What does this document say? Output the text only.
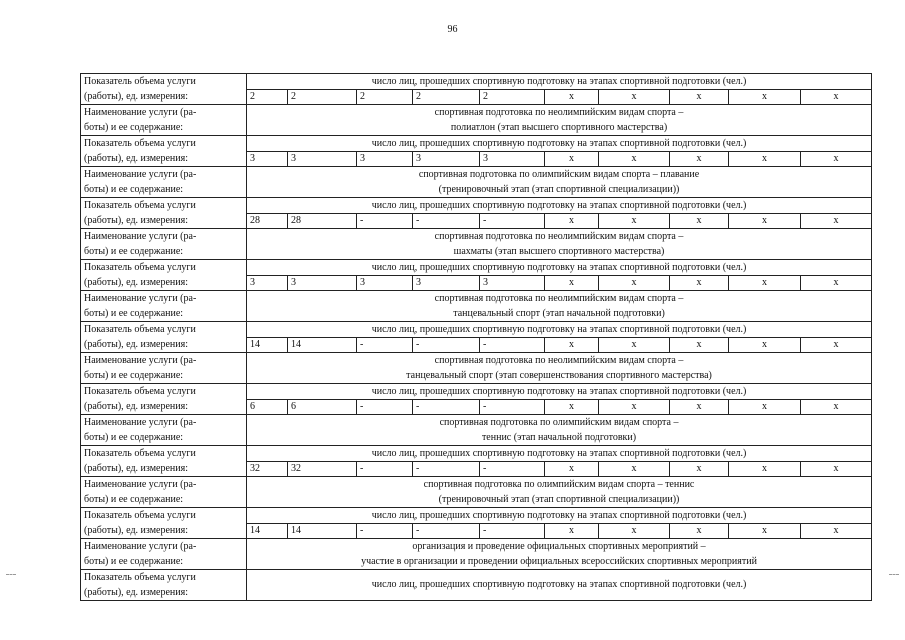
96
Показатель объема услуги
(работы), ед. измерения:	число лиц, прошедших спортивную подготовку на этапах спортивной подготовки (чел.)									
	2	2	2	2	2	x	x	x	x	x

Наименование услуги (ра-
боты) и ее содержание:	спортивная подготовка по неолимпийским видам спорта –
полиатлон (этап высшего спортивного мастерства)									

Показатель объема услуги
(работы), ед. измерения:	число лиц, прошедших спортивную подготовку на этапах спортивной подготовки (чел.)									
	3	3	3	3	3	x	x	x	x	x

Наименование услуги (ра-
боты) и ее содержание:	спортивная подготовка по олимпийским видам спорта – плавание
(тренировочный этап (этап спортивной специализации))									

Показатель объема услуги
(работы), ед. измерения:	число лиц, прошедших спортивную подготовку на этапах спортивной подготовки (чел.)									
	28	28	-	-	-	x	x	x	x	x

Наименование услуги (ра-
боты) и ее содержание:	спортивная подготовка по неолимпийским видам спорта –
шахматы (этап высшего спортивного мастерства)									

Показатель объема услуги
(работы), ед. измерения:	число лиц, прошедших спортивную подготовку на этапах спортивной подготовки (чел.)									
	3	3	3	3	3	x	x	x	x	x

Наименование услуги (ра-
боты) и ее содержание:	спортивная подготовка по неолимпийским видам спорта –
танцевальный спорт (этап начальной подготовки)									

Показатель объема услуги
(работы), ед. измерения:	число лиц, прошедших спортивную подготовку на этапах спортивной подготовки (чел.)									
	14	14	-	-	-	x	x	x	x	x

Наименование услуги (ра-
боты) и ее содержание:	спортивная подготовка по неолимпийским видам спорта –
танцевальный спорт (этап совершенствования спортивного мастерства)									

Показатель объема услуги
(работы), ед. измерения:	число лиц, прошедших спортивную подготовку на этапах спортивной подготовки (чел.)									
	6	6	-	-	-	x	x	x	x	x

Наименование услуги (ра-
боты) и ее содержание:	спортивная подготовка по олимпийским видам спорта –
теннис (этап начальной подготовки)									

Показатель объема услуги
(работы), ед. измерения:	число лиц, прошедших спортивную подготовку на этапах спортивной подготовки (чел.)									
	32	32	-	-	-	x	x	x	x	x

Наименование услуги (ра-
боты) и ее содержание:	спортивная подготовка по олимпийским видам спорта – теннис
(тренировочный этап (этап спортивной специализации))									

Показатель объема услуги
(работы), ед. измерения:	число лиц, прошедших спортивную подготовку на этапах спортивной подготовки (чел.)									
	14	14	-	-	-	x	x	x	x	x

Наименование услуги (ра-
боты) и ее содержание:	организация и проведение официальных спортивных мероприятий –
участие в организации и проведении официальных всероссийских спортивных мероприятий									

Показатель объема услуги
(работы), ед. измерения:	число лиц, прошедших спортивную подготовку на этапах спортивной подготовки (чел.)									
